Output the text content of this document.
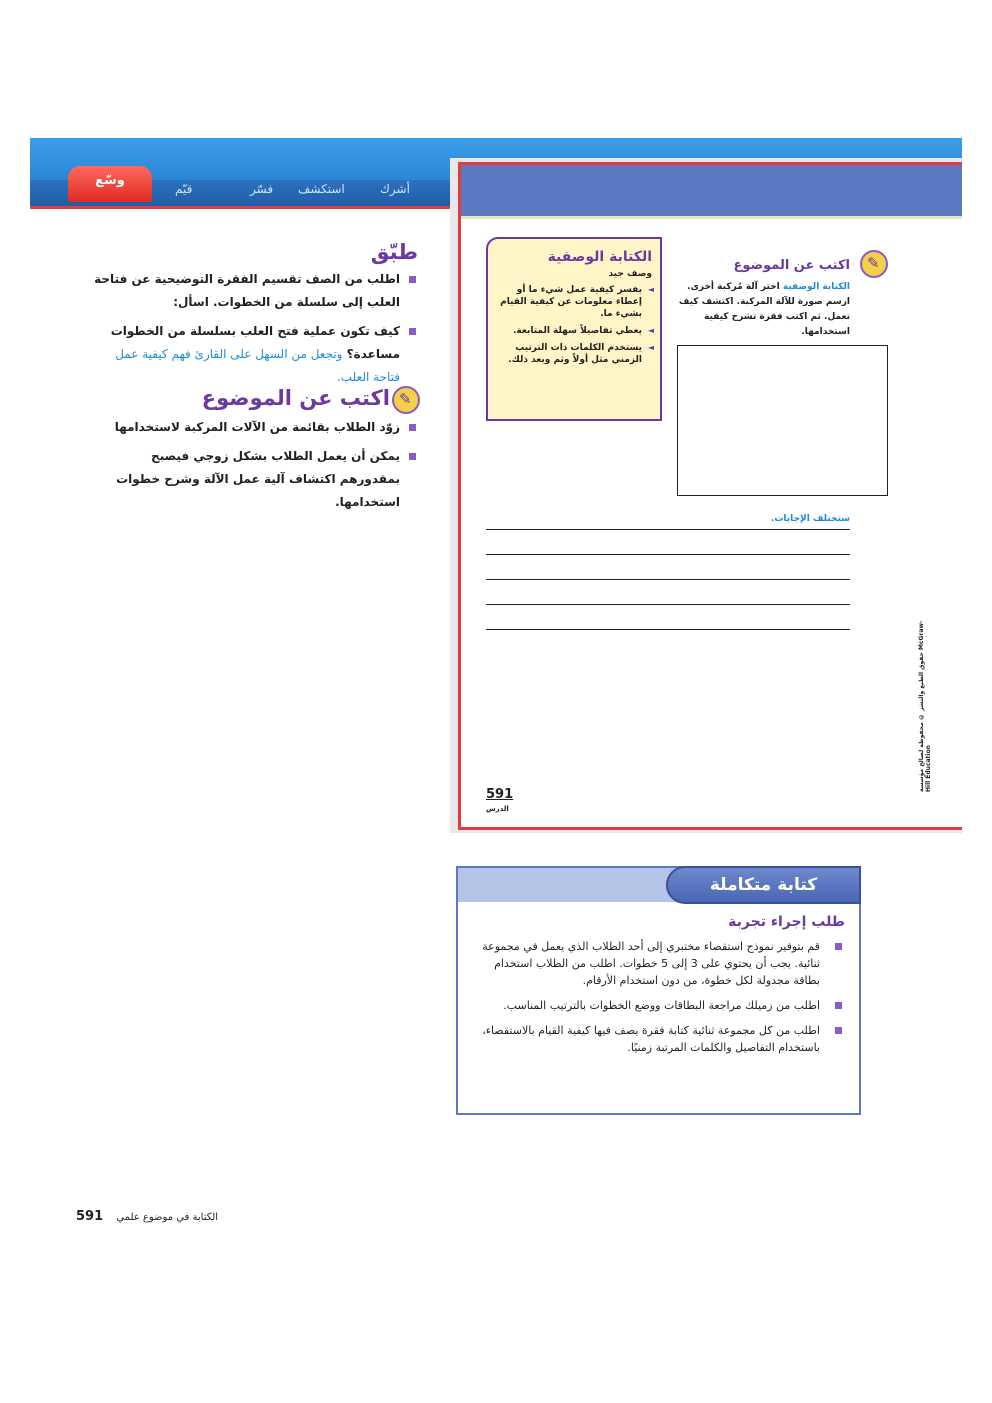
أشرك
استكشف
فسّر
قيّم
وسّع
الكتابة الوصفية
وصف جيد
◄ يفسر كيفية عمل شيء ما أو إعطاء معلومات عن كيفية القيام بشيء ما.
◄ يعطي تفاصيلاً سهلة المتابعة.
◄ يستخدم الكلمات ذات الترتيب الزمني مثل أولاً وثم وبعد ذلك.
✎
اكتب عن الموضوع
الكتابة الوصفية اختر آلة مُركبة أخرى. ارسم صورة للآلة المركبة. اكتشف كيف تعمل. ثم اكتب فقرة تشرح كيفية استخدامها.
ستختلف الإجابات.
591
الدرس
حقوق الطبع والنشر © محفوظة لصالح مؤسسة McGraw-Hill Education
طبّق
اطلب من الصف تقسيم الفقرة التوضيحية عن فتاحة العلب إلى سلسلة من الخطوات. اسأل:
كيف تكون عملية فتح العلب بسلسلة من الخطوات مساعدة؟ وتجعل من السهل على القارئ فهم كيفية عمل فتاحة العلب.
✎
اكتب عن الموضوع
زوّد الطلاب بقائمة من الآلات المركبة لاستخدامها
يمكن أن يعمل الطلاب بشكل زوجي فيصبح بمقدورهم اكتشاف آلية عمل الآلة وشرح خطوات استخدامها.
كتابة متكاملة
طلب إجراء تجربة
قم بتوفير نموذج استقصاء مختبري إلى أحد الطلاب الذي يعمل في مجموعة ثنائية. يجب أن يحتوي على 3 إلى 5 خطوات. اطلب من الطلاب استخدام بطاقة مجدولة لكل خطوة، من دون استخدام الأرقام.
اطلب من زميلك مراجعة البطاقات ووضع الخطوات بالترتيب المناسب.
اطلب من كل مجموعة ثنائية كتابة فقرة يصف فيها كيفية القيام بالاستقصاء، باستخدام التفاصيل والكلمات المرتبة زمنيًا.
الكتابة في موضوع علمي 591
